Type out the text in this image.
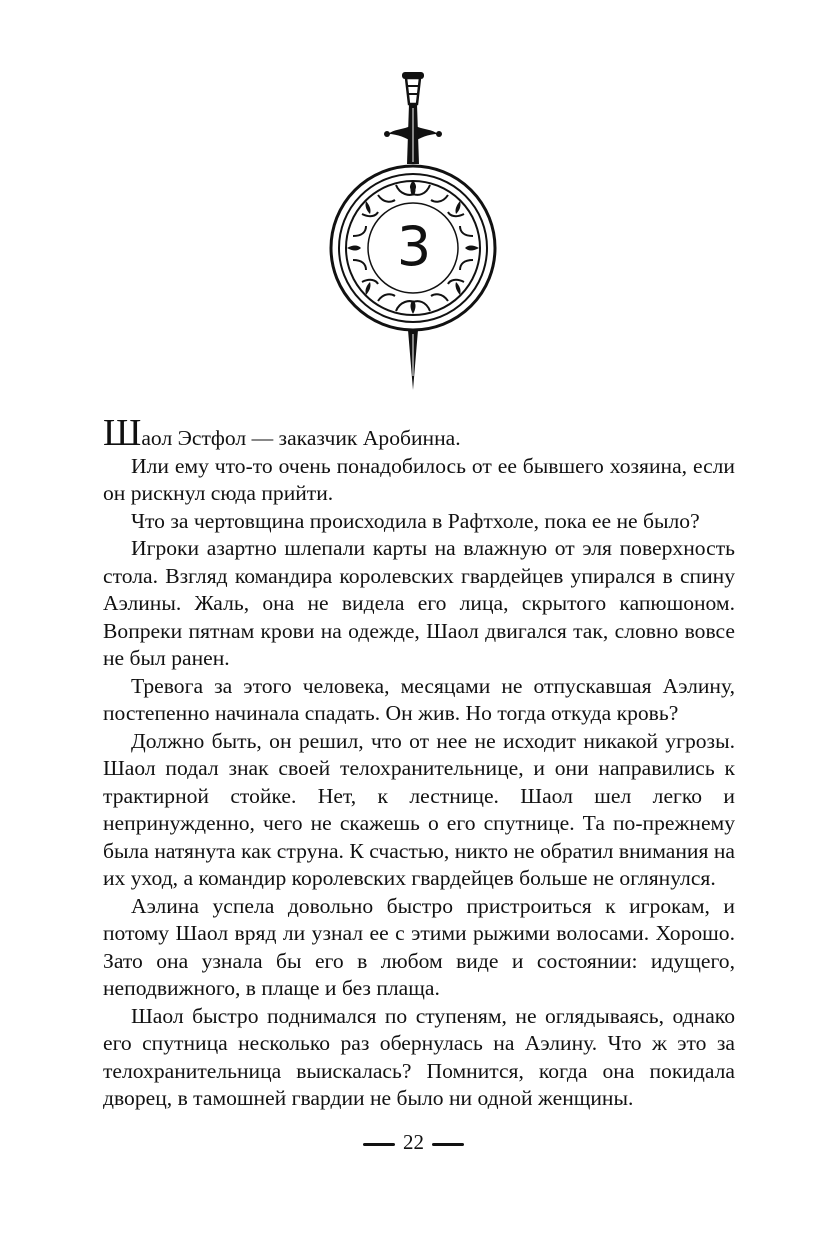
3

Шаол Эстфол — заказчик Аробинна.

Или ему что-то очень понадобилось от ее бывшего хозяина, если он рискнул сюда прийти.

Что за чертовщина происходила в Рафтхоле, пока ее не было?

Игроки азартно шлепали карты на влажную от эля поверхность стола. Взгляд командира королевских гвардейцев упирался в спину Аэлины. Жаль, она не видела его лица, скрытого капюшоном. Вопреки пятнам крови на одежде, Шаол двигался так, словно вовсе не был ранен.

Тревога за этого человека, месяцами не отпускавшая Аэлину, постепенно начинала спадать. Он жив. Но тогда откуда кровь?

Должно быть, он решил, что от нее не исходит никакой угрозы. Шаол подал знак своей телохранительнице, и они направились к трактирной стойке. Нет, к лестнице. Шаол шел легко и непринужденно, чего не скажешь о его спутнице. Та по-прежнему была натянута как струна. К счастью, никто не обратил внимания на их уход, а командир королевских гвардейцев больше не оглянулся.

Аэлина успела довольно быстро пристроиться к игрокам, и потому Шаол вряд ли узнал ее с этими рыжими волосами. Хорошо. Зато она узнала бы его в любом виде и состоянии: идущего, неподвижного, в плаще и без плаща.

Шаол быстро поднимался по ступеням, не оглядываясь, однако его спутница несколько раз обернулась на Аэлину. Что ж это за телохранительница выискалась? Помнится, когда она покидала дворец, в тамошней гвардии не было ни одной женщины.

22
